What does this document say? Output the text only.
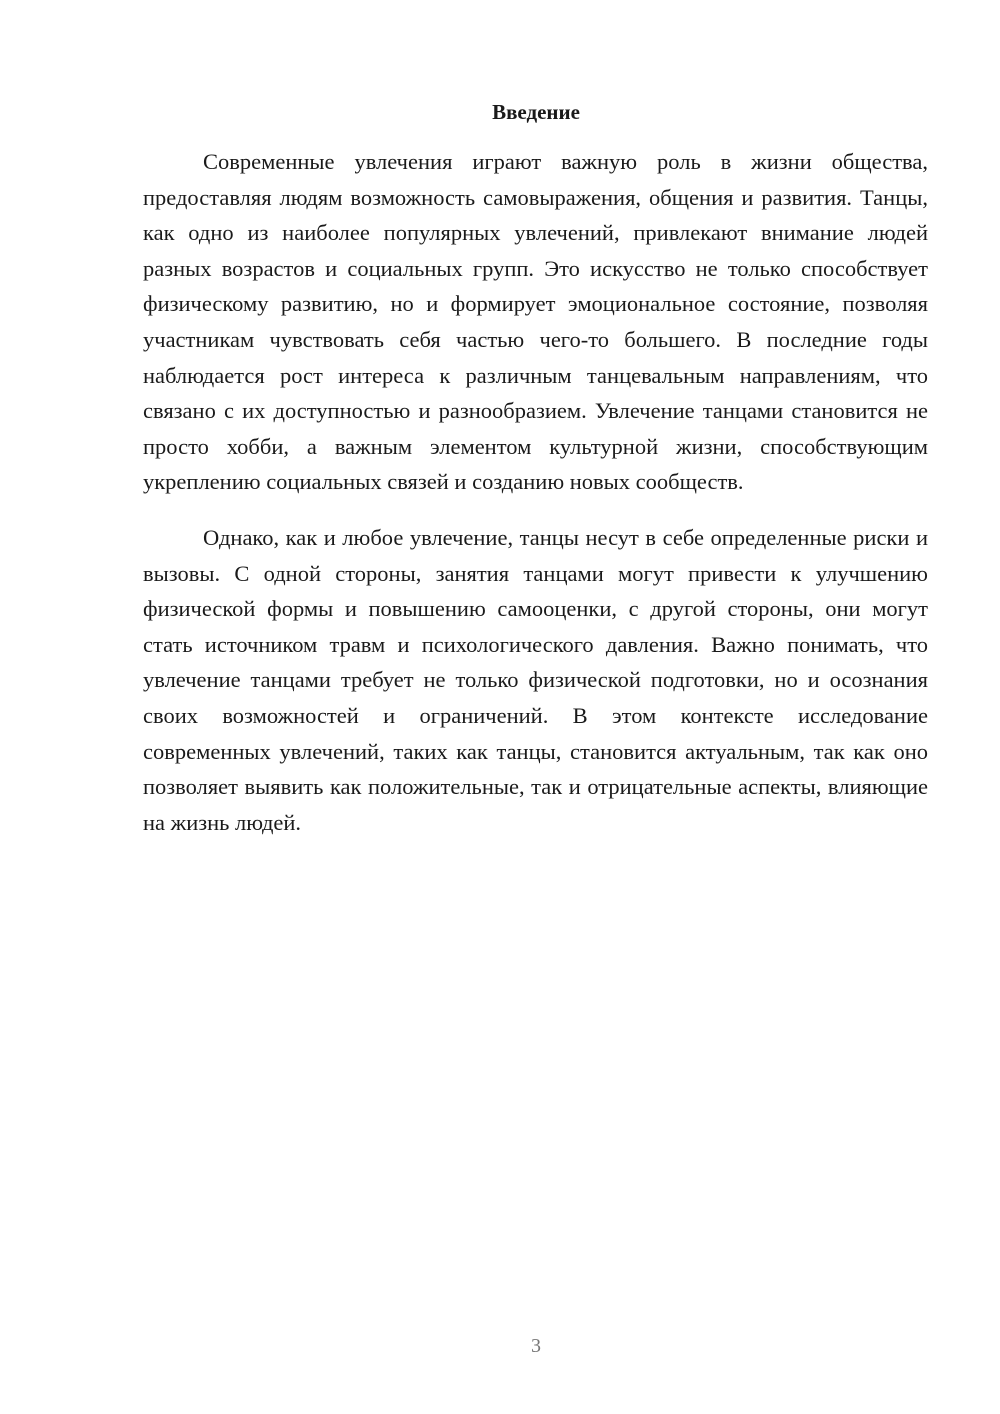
Введение

Современные увлечения играют важную роль в жизни общества, предоставляя людям возможность самовыражения, общения и развития. Танцы, как одно из наиболее популярных увлечений, привлекают внимание людей разных возрастов и социальных групп. Это искусство не только способствует физическому развитию, но и формирует эмоциональное состояние, позволяя участникам чувствовать себя частью чего-то большего. В последние годы наблюдается рост интереса к различным танцевальным направлениям, что связано с их доступностью и разнообразием. Увлечение танцами становится не просто хобби, а важным элементом культурной жизни, способствующим укреплению социальных связей и созданию новых сообществ.

Однако, как и любое увлечение, танцы несут в себе определенные риски и вызовы. С одной стороны, занятия танцами могут привести к улучшению физической формы и повышению самооценки, с другой стороны, они могут стать источником травм и психологического давления. Важно понимать, что увлечение танцами требует не только физической подготовки, но и осознания своих возможностей и ограничений. В этом контексте исследование современных увлечений, таких как танцы, становится актуальным, так как оно позволяет выявить как положительные, так и отрицательные аспекты, влияющие на жизнь людей.

3
